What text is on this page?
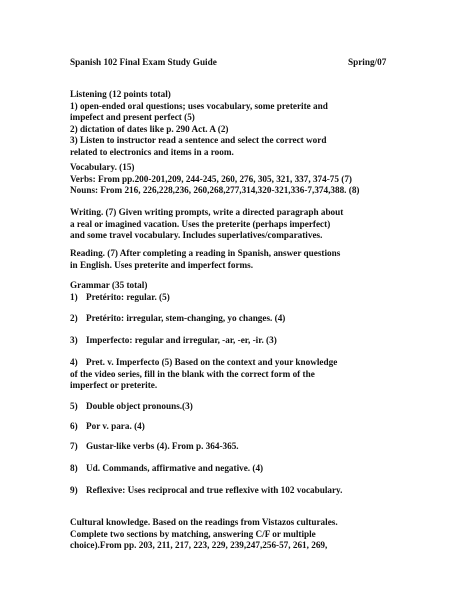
Spanish 102 Final Exam Study Guide	Spring/07
Listening (12 points total)
1) open-ended oral questions; uses vocabulary, some preterite and
impefect and present perfect (5)
2) dictation of dates like p. 290 Act. A (2)
3) Listen to instructor read a sentence and select the correct word
related to electronics and items in a room.
Vocabulary. (15)
Verbs: From pp.200-201,209, 244-245, 260, 276, 305, 321, 337, 374-75 (7)
Nouns: From 216, 226,228,236, 260,268,277,314,320-321,336-7,374,388. (8)
Writing. (7) Given writing prompts, write a directed paragraph about
a real or imagined vacation. Uses the preterite (perhaps imperfect)
and some travel vocabulary. Includes superlatives/comparatives.
Reading. (7) After completing a reading in Spanish, answer questions
in English. Uses preterite and imperfect forms.
Grammar (35 total)
1) Pretérito: regular. (5)
2) Pretérito: irregular, stem-changing, yo changes. (4)
3) Imperfecto: regular and irregular, -ar, -er, -ir. (3)
4) Pret. v. Imperfecto (5) Based on the context and your knowledge
of the video series, fill in the blank with the correct form of the
imperfect or preterite.
5) Double object pronouns.(3)
6) Por v. para. (4)
7) Gustar-like verbs (4). From p. 364-365.
8) Ud. Commands, affirmative and negative. (4)
9) Reflexive: Uses reciprocal and true reflexive with 102 vocabulary.
Cultural knowledge. Based on the readings from Vistazos culturales.
Complete two sections by matching, answering C/F or multiple
choice).From pp. 203, 211, 217, 223, 229, 239,247,256-57, 261, 269,
